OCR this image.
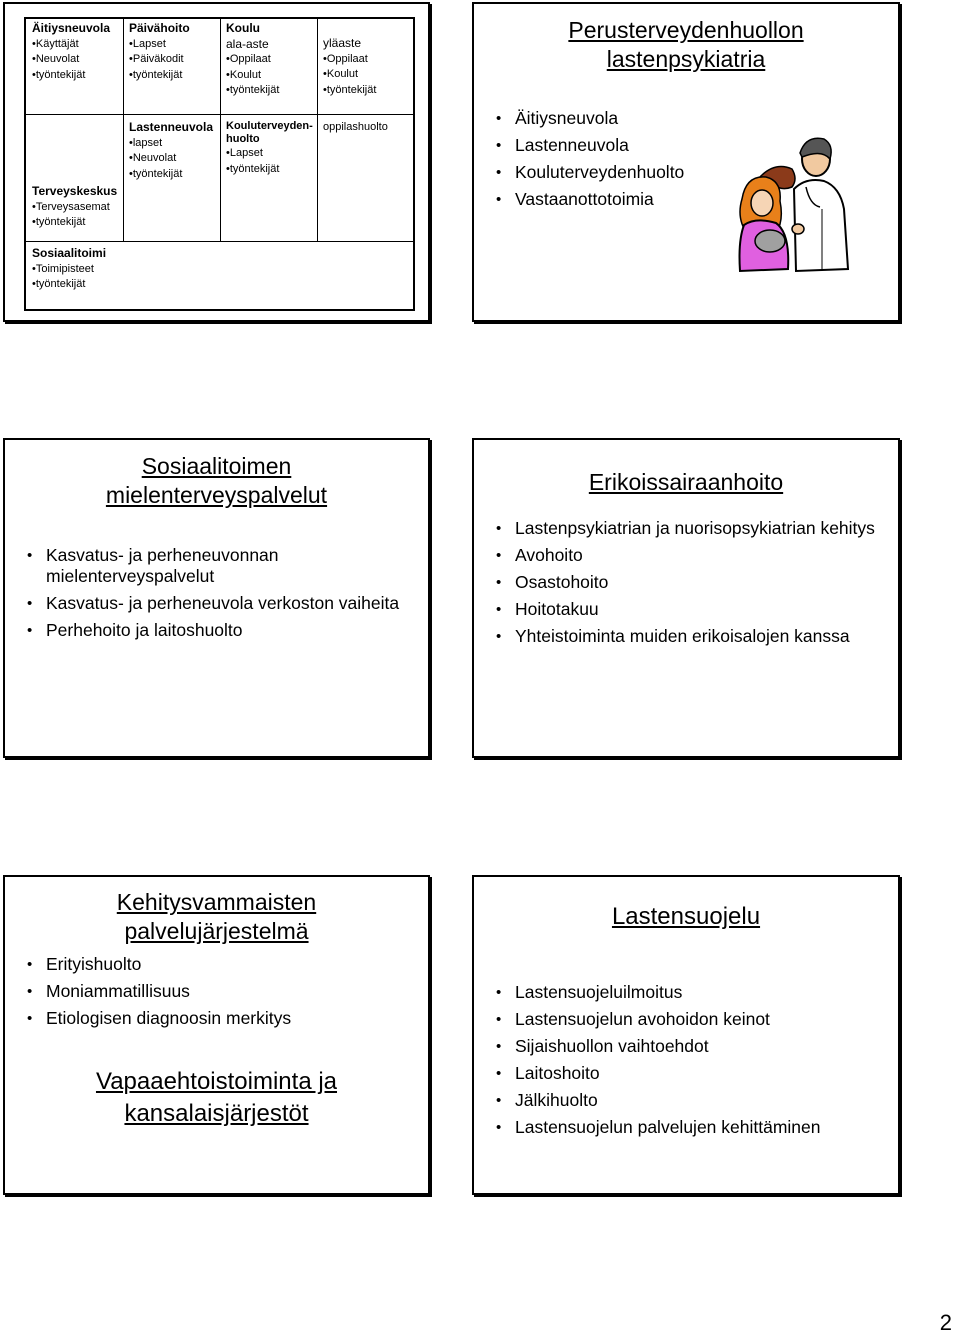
Äitiysneuvola
• Käyttäjät
• Neuvolat
• työntekijät
Päivähoito
• Lapset
• Päiväkodit
• työntekijät
Koulu
ala-aste
• Oppilaat
• Koulut
• työntekijät
yläaste
• Oppilaat
• Koulut
• työntekijät
Terveyskeskus
• Terveysasemat
• työntekijät
Lastenneuvola
• lapset
• Neuvolat
• työntekijät
Kouluterveyden-
huolto
• Lapset
• työntekijät
oppilashuolto
Sosiaalitoimi
• Toimipisteet
• työntekijät
Perusterveydenhuollon
lastenpsykiatria
• Äitiysneuvola
• Lastenneuvola
• Kouluterveydenhuolto
• Vastaanottotoimia
Sosiaalitoimen
mielenterveyspalvelut
• Kasvatus- ja perheneuvonnan mielenterveyspalvelut
• Kasvatus- ja perheneuvola verkoston vaiheita
• Perhehoito ja laitoshuolto
Erikoissairaanhoito
• Lastenpsykiatrian ja nuorisopsykiatrian kehitys
• Avohoito
• Osastohoito
• Hoitotakuu
• Yhteistoiminta muiden erikoisalojen kanssa
Kehitysvammaisten
palvelujärjestelmä
• Erityishuolto
• Moniammatillisuus
• Etiologisen diagnoosin merkitys
Vapaaehtoistoiminta ja
kansalaisjärjestöt
Lastensuojelu
• Lastensuojeluilmoitus
• Lastensuojelun avohoidon keinot
• Sijaishuollon vaihtoehdot
• Laitoshoito
• Jälkihuolto
• Lastensuojelun palvelujen kehittäminen
2
